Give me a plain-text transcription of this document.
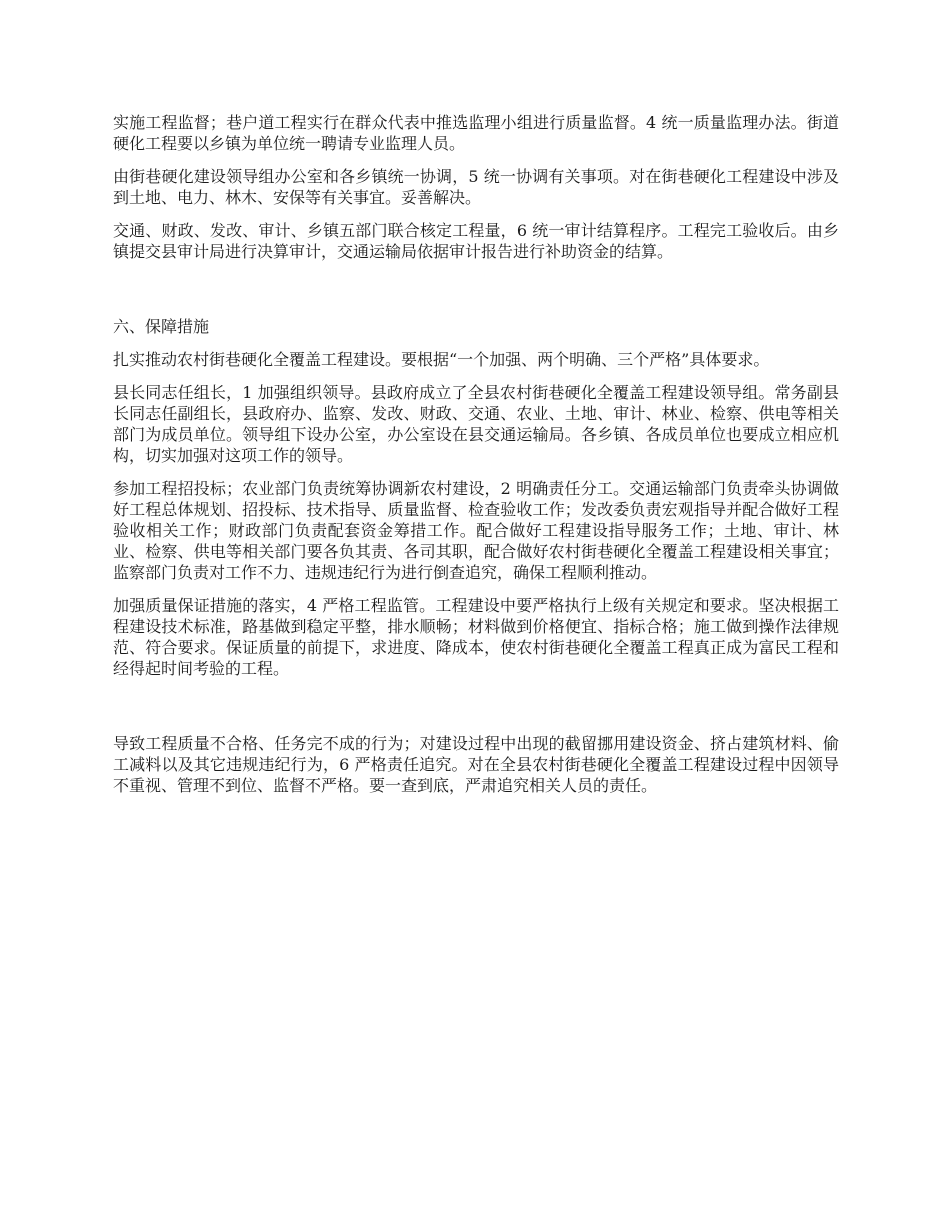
实施工程监督；巷户道工程实行在群众代表中推选监理小组进行质量监督。4 统一质量监理办法。街道硬化工程要以乡镇为单位统一聘请专业监理人员。

由街巷硬化建设领导组办公室和各乡镇统一协调，5 统一协调有关事项。对在街巷硬化工程建设中涉及到土地、电力、林木、安保等有关事宜。妥善解决。

交通、财政、发改、审计、乡镇五部门联合核定工程量，6 统一审计结算程序。工程完工验收后。由乡镇提交县审计局进行决算审计，交通运输局依据审计报告进行补助资金的结算。

六、保障措施

扎实推动农村街巷硬化全覆盖工程建设。要根据“一个加强、两个明确、三个严格”具体要求。

县长同志任组长，1 加强组织领导。县政府成立了全县农村街巷硬化全覆盖工程建设领导组。常务副县长同志任副组长，县政府办、监察、发改、财政、交通、农业、土地、审计、林业、检察、供电等相关部门为成员单位。领导组下设办公室，办公室设在县交通运输局。各乡镇、各成员单位也要成立相应机构，切实加强对这项工作的领导。

参加工程招投标；农业部门负责统筹协调新农村建设，2 明确责任分工。交通运输部门负责牵头协调做好工程总体规划、招投标、技术指导、质量监督、检查验收工作；发改委负责宏观指导并配合做好工程验收相关工作；财政部门负责配套资金筹措工作。配合做好工程建设指导服务工作；土地、审计、林业、检察、供电等相关部门要各负其责、各司其职，配合做好农村街巷硬化全覆盖工程建设相关事宜；监察部门负责对工作不力、违规违纪行为进行倒查追究，确保工程顺利推动。

加强质量保证措施的落实，4 严格工程监管。工程建设中要严格执行上级有关规定和要求。坚决根据工程建设技术标准，路基做到稳定平整，排水顺畅；材料做到价格便宜、指标合格；施工做到操作法律规范、符合要求。保证质量的前提下，求进度、降成本，使农村街巷硬化全覆盖工程真正成为富民工程和经得起时间考验的工程。

导致工程质量不合格、任务完不成的行为；对建设过程中出现的截留挪用建设资金、挤占建筑材料、偷工减料以及其它违规违纪行为，6 严格责任追究。对在全县农村街巷硬化全覆盖工程建设过程中因领导不重视、管理不到位、监督不严格。要一查到底，严肃追究相关人员的责任。
